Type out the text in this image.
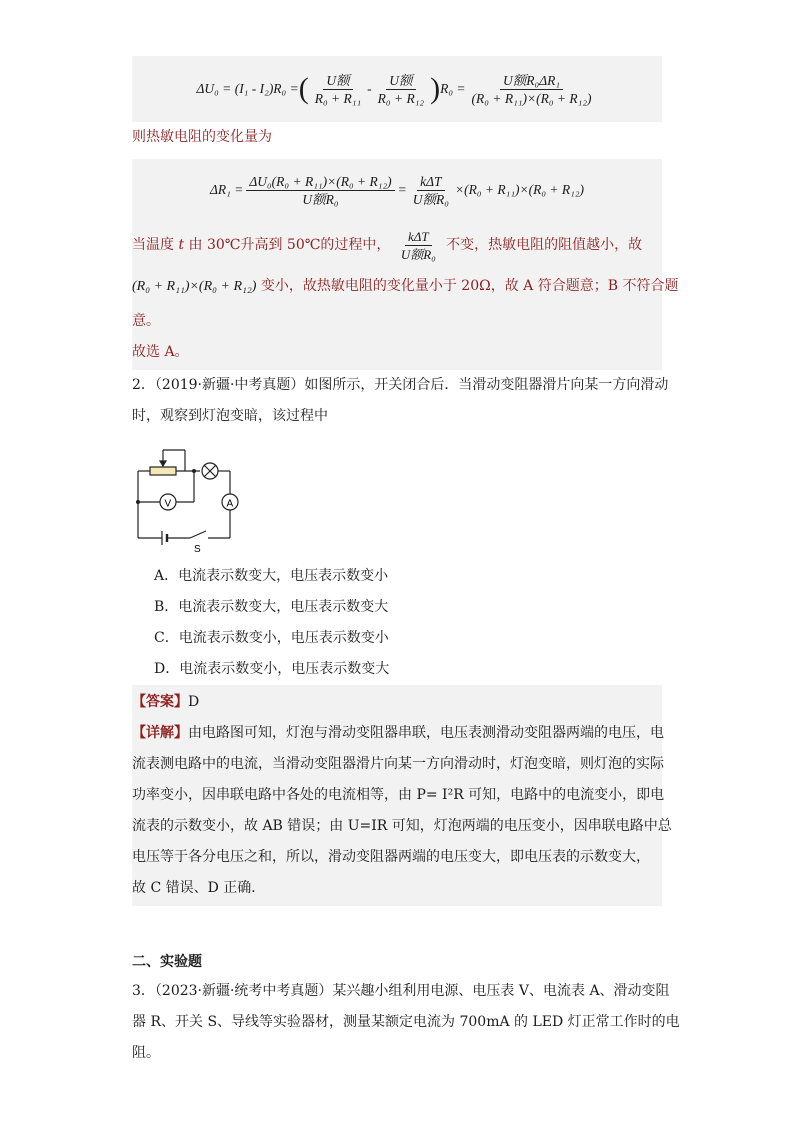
ΔU₀ = (I₁ - I₂)R₀ = ( $\frac{\text{U额}}{\text{R₀ + R₁₁}} - \frac{\text{U额}}{\text{R₀ + R₁₂}}$ ) $R_0 = \frac{\text{U额R₀ΔR₁}}{\text{(R₀ + R₁₁)×(R₀ + R₁₂)}}$
则热敏电阻的变化量为
$\Delta R_1 = \frac{\text{ΔU₀(R₀ + R₁₁)×(R₀ + R₁₂)}}{\text{U额R₀}} = \frac{\text{kΔT}}{\text{U额R₀}} \times(R_0 + R_{11})\times(R_0 + R_{12})$
当温度 t 由 30℃升高到 50℃的过程中， $\frac{\text{kΔT}}{\text{U额R₀}}$ 不变，热敏电阻的阻值越小，故
(R₀ + R₁₁)×(R₀ + R₁₂) 变小，故热敏电阻的变化量小于 20Ω，故 A 符合题意；B 不符合题
意。
故选 A。
2．（2019·新疆·中考真题）如图所示，开关闭合后．当滑动变阻器滑片向某一方向滑动
时，观察到灯泡变暗，该过程中
V	A
S
A．电流表示数变大，电压表示数变小
B．电流表示数变大，电压表示数变大
C．电流表示数变小，电压表示数变小
D．电流表示数变小，电压表示数变大
【答案】D
【详解】由电路图可知，灯泡与滑动变阻器串联，电压表测滑动变阻器两端的电压，电
流表测电路中的电流，当滑动变阻器滑片向某一方向滑动时，灯泡变暗，则灯泡的实际
功率变小，因串联电路中各处的电流相等，由 P= I²R 可知，电路中的电流变小，即电
流表的示数变小，故 AB 错误；由 U=IR 可知，灯泡两端的电压变小，因串联电路中总
电压等于各分电压之和，所以，滑动变阻器两端的电压变大，即电压表的示数变大，
故 C 错误、D 正确．
二、实验题
3．（2023·新疆·统考中考真题）某兴趣小组利用电源、电压表 V、电流表 A、滑动变阻
器 R、开关 S、导线等实验器材，测量某额定电流为 700mA 的 LED 灯正常工作时的电
阻。
